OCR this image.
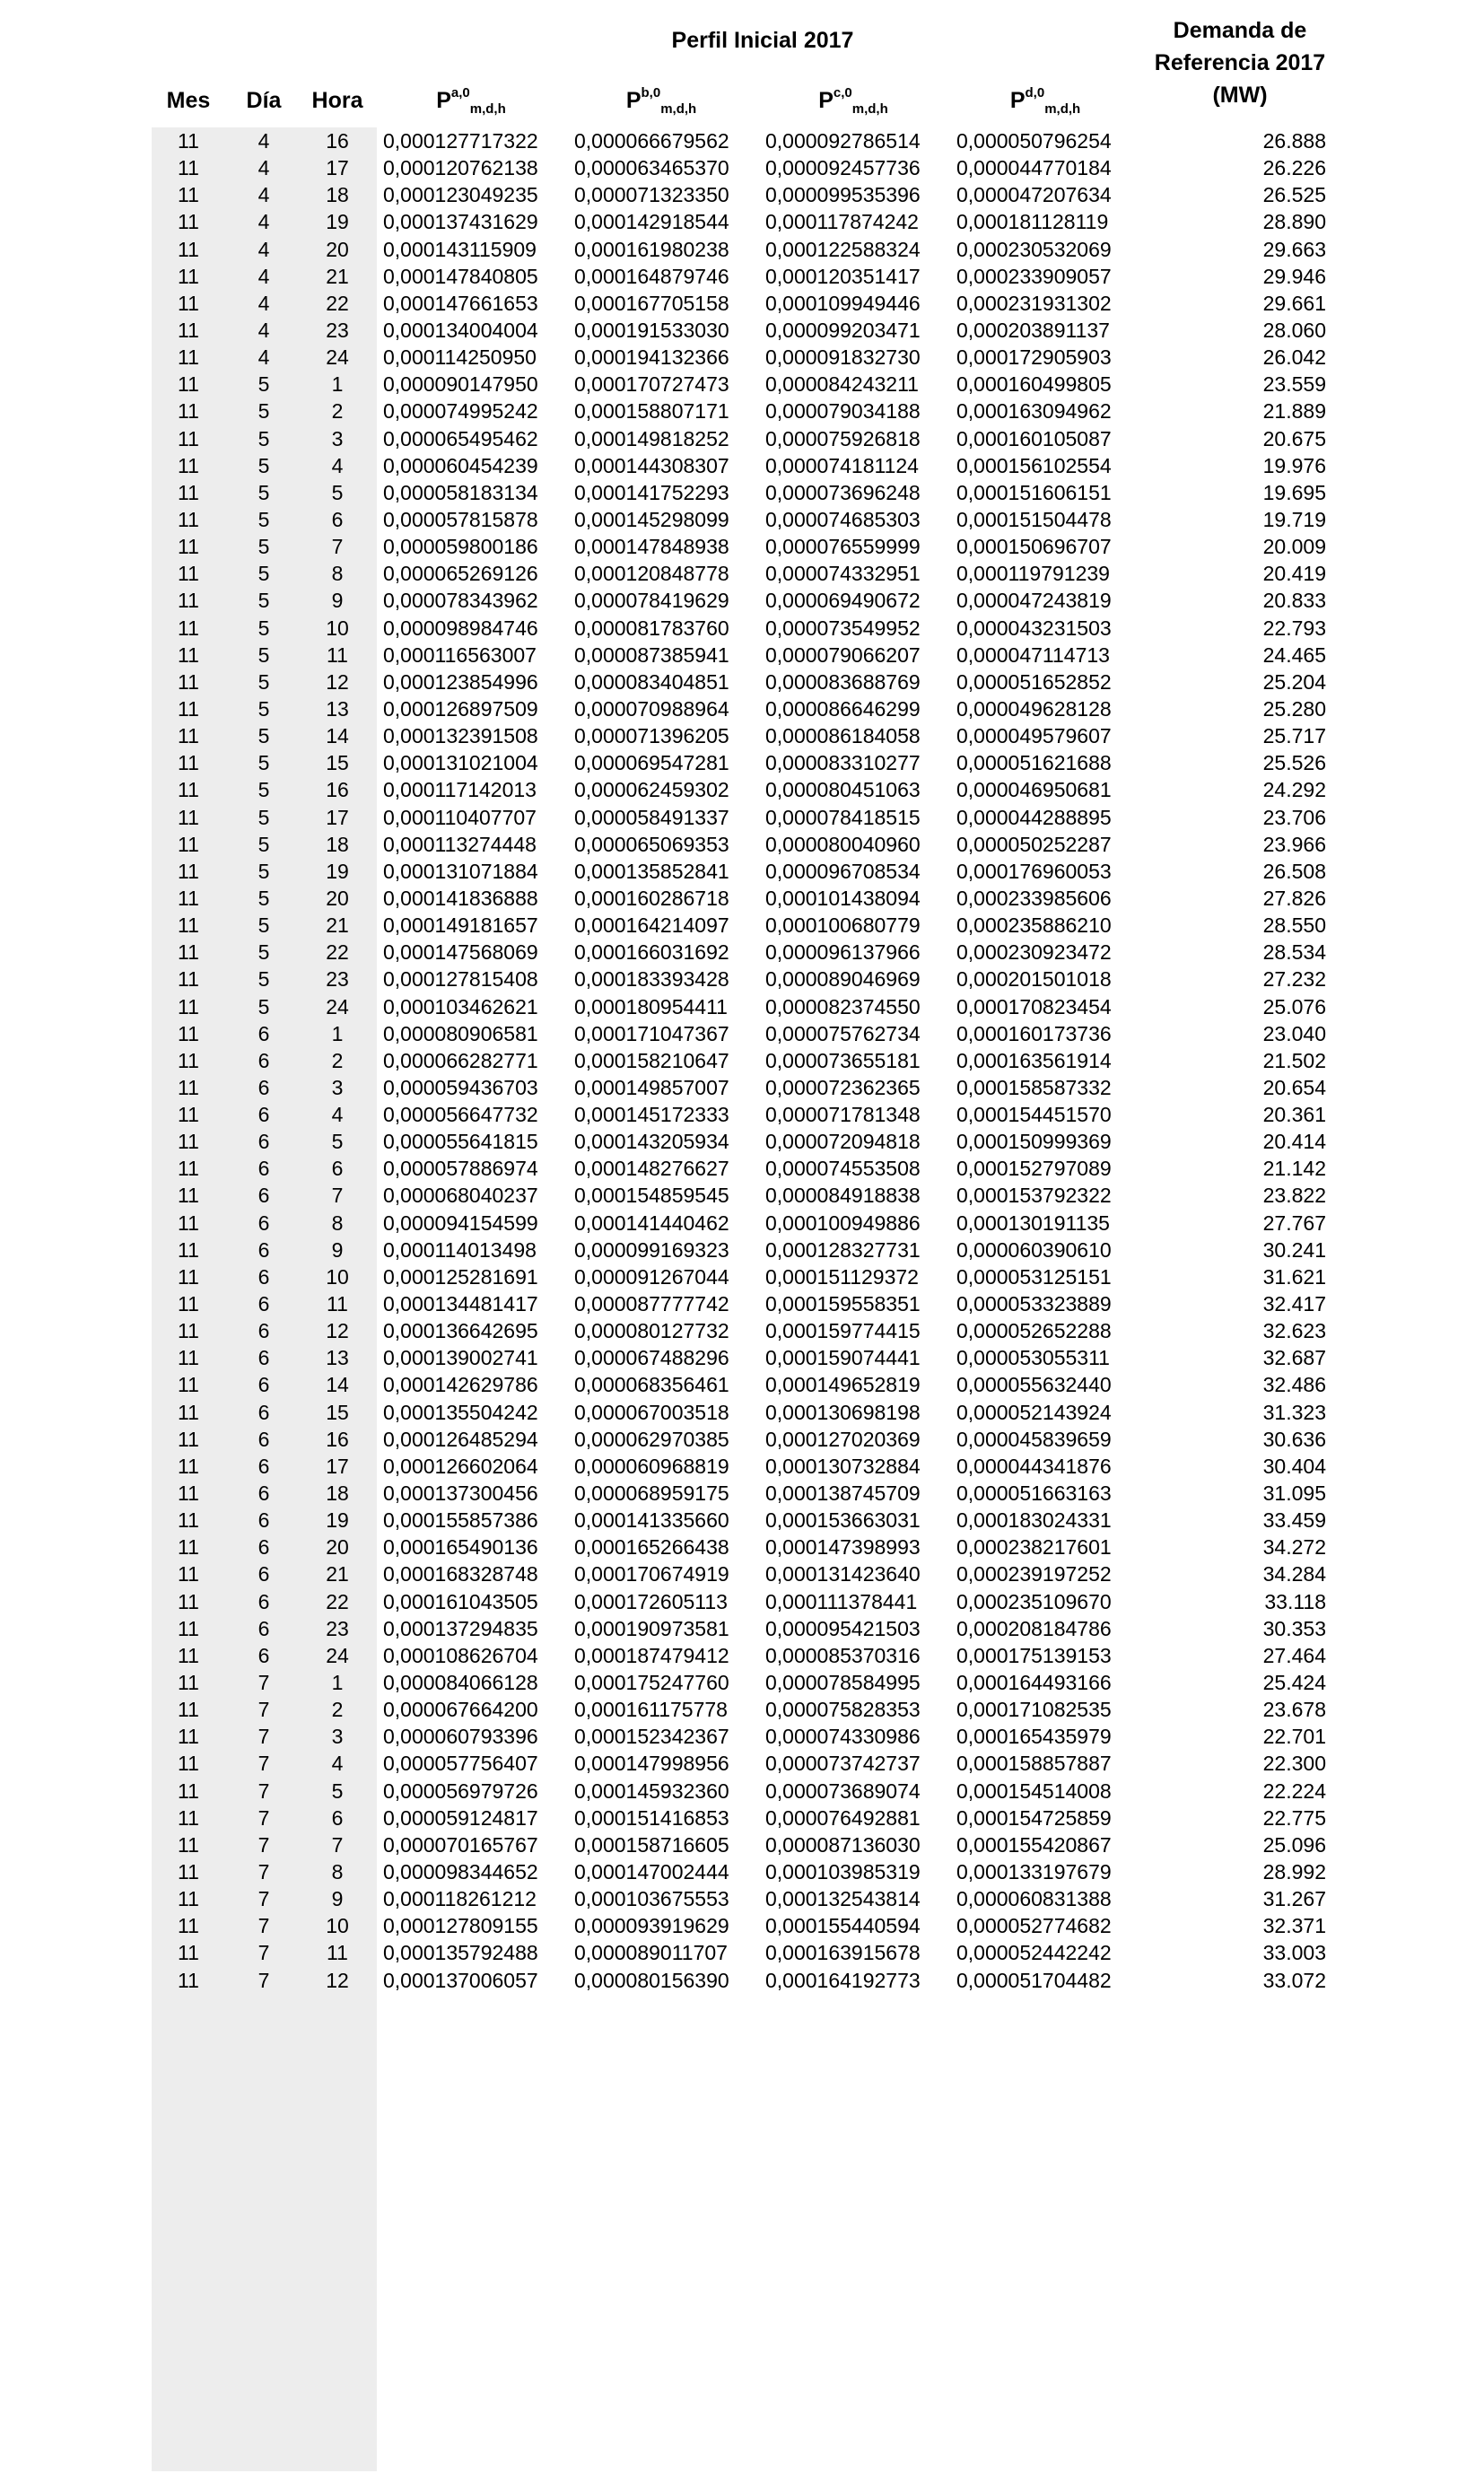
Perfil Inicial 2017	Demanda de
Referencia 2017
(MW)
Mes	Día	Hora	P$^{a,0}_{m,d,h}$	P$^{b,0}_{m,d,h}$	P$^{c,0}_{m,d,h}$	P$^{d,0}_{m,d,h}$
11	4	16	0,000127717322 0,000066679562 0,000092786514 0,000050796254	26.888
11	4	17	0,000120762138 0,000063465370 0,000092457736 0,000044770184	26.226
11	4	18	0,000123049235 0,000071323350 0,000099535396 0,000047207634	26.525
11	4	19	0,000137431629 0,000142918544 0,000117874242 0,000181128119	28.890
11	4	20	0,000143115909 0,000161980238 0,000122588324 0,000230532069	29.663
11	4	21	0,000147840805 0,000164879746 0,000120351417 0,000233909057	29.946
11	4	22	0,000147661653 0,000167705158 0,000109949446 0,000231931302	29.661
11	4	23	0,000134004004 0,000191533030 0,000099203471 0,000203891137	28.060
11	4	24	0,000114250950 0,000194132366 0,000091832730 0,000172905903	26.042
11	5	1	0,000090147950 0,000170727473 0,000084243211 0,000160499805	23.559
11	5	2	0,000074995242 0,000158807171 0,000079034188 0,000163094962	21.889
11	5	3	0,000065495462 0,000149818252 0,000075926818 0,000160105087	20.675
11	5	4	0,000060454239 0,000144308307 0,000074181124 0,000156102554	19.976
11	5	5	0,000058183134 0,000141752293 0,000073696248 0,000151606151	19.695
11	5	6	0,000057815878 0,000145298099 0,000074685303 0,000151504478	19.719
11	5	7	0,000059800186 0,000147848938 0,000076559999 0,000150696707	20.009
11	5	8	0,000065269126 0,000120848778 0,000074332951 0,000119791239	20.419
11	5	9	0,000078343962 0,000078419629 0,000069490672 0,000047243819	20.833
11	5	10	0,000098984746 0,000081783760 0,000073549952 0,000043231503	22.793
11	5	11	0,000116563007 0,000087385941 0,000079066207 0,000047114713	24.465
11	5	12	0,000123854996 0,000083404851 0,000083688769 0,000051652852	25.204
11	5	13	0,000126897509 0,000070988964 0,000086646299 0,000049628128	25.280
11	5	14	0,000132391508 0,000071396205 0,000086184058 0,000049579607	25.717
11	5	15	0,000131021004 0,000069547281 0,000083310277 0,000051621688	25.526
11	5	16	0,000117142013 0,000062459302 0,000080451063 0,000046950681	24.292
11	5	17	0,000110407707 0,000058491337 0,000078418515 0,000044288895	23.706
11	5	18	0,000113274448 0,000065069353 0,000080040960 0,000050252287	23.966
11	5	19	0,000131071884 0,000135852841 0,000096708534 0,000176960053	26.508
11	5	20	0,000141836888 0,000160286718 0,000101438094 0,000233985606	27.826
11	5	21	0,000149181657 0,000164214097 0,000100680779 0,000235886210	28.550
11	5	22	0,000147568069 0,000166031692 0,000096137966 0,000230923472	28.534
11	5	23	0,000127815408 0,000183393428 0,000089046969 0,000201501018	27.232
11	5	24	0,000103462621 0,000180954411 0,000082374550 0,000170823454	25.076
11	6	1	0,000080906581 0,000171047367 0,000075762734 0,000160173736	23.040
11	6	2	0,000066282771 0,000158210647 0,000073655181 0,000163561914	21.502
11	6	3	0,000059436703 0,000149857007 0,000072362365 0,000158587332	20.654
11	6	4	0,000056647732 0,000145172333 0,000071781348 0,000154451570	20.361
11	6	5	0,000055641815 0,000143205934 0,000072094818 0,000150999369	20.414
11	6	6	0,000057886974 0,000148276627 0,000074553508 0,000152797089	21.142
11	6	7	0,000068040237 0,000154859545 0,000084918838 0,000153792322	23.822
11	6	8	0,000094154599 0,000141440462 0,000100949886 0,000130191135	27.767
11	6	9	0,000114013498 0,000099169323 0,000128327731 0,000060390610	30.241
11	6	10	0,000125281691 0,000091267044 0,000151129372 0,000053125151	31.621
11	6	11	0,000134481417 0,000087777742 0,000159558351 0,000053323889	32.417
11	6	12	0,000136642695 0,000080127732 0,000159774415 0,000052652288	32.623
11	6	13	0,000139002741 0,000067488296 0,000159074441 0,000053055311	32.687
11	6	14	0,000142629786 0,000068356461 0,000149652819 0,000055632440	32.486
11	6	15	0,000135504242 0,000067003518 0,000130698198 0,000052143924	31.323
11	6	16	0,000126485294 0,000062970385 0,000127020369 0,000045839659	30.636
11	6	17	0,000126602064 0,000060968819 0,000130732884 0,000044341876	30.404
11	6	18	0,000137300456 0,000068959175 0,000138745709 0,000051663163	31.095
11	6	19	0,000155857386 0,000141335660 0,000153663031 0,000183024331	33.459
11	6	20	0,000165490136 0,000165266438 0,000147398993 0,000238217601	34.272
11	6	21	0,000168328748 0,000170674919 0,000131423640 0,000239197252	34.284
11	6	22	0,000161043505 0,000172605113 0,000111378441 0,000235109670	33.118
11	6	23	0,000137294835 0,000190973581 0,000095421503 0,000208184786	30.353
11	6	24	0,000108626704 0,000187479412 0,000085370316 0,000175139153	27.464
11	7	1	0,000084066128 0,000175247760 0,000078584995 0,000164493166	25.424
11	7	2	0,000067664200 0,000161175778 0,000075828353 0,000171082535	23.678
11	7	3	0,000060793396 0,000152342367 0,000074330986 0,000165435979	22.701
11	7	4	0,000057756407 0,000147998956 0,000073742737 0,000158857887	22.300
11	7	5	0,000056979726 0,000145932360 0,000073689074 0,000154514008	22.224
11	7	6	0,000059124817 0,000151416853 0,000076492881 0,000154725859	22.775
11	7	7	0,000070165767 0,000158716605 0,000087136030 0,000155420867	25.096
11	7	8	0,000098344652 0,000147002444 0,000103985319 0,000133197679	28.992
11	7	9	0,000118261212 0,000103675553 0,000132543814 0,000060831388	31.267
11	7	10	0,000127809155 0,000093919629 0,000155440594 0,000052774682	32.371
11	7	11	0,000135792488 0,000089011707 0,000163915678 0,000052442242	33.003
11	7	12	0,000137006057 0,000080156390 0,000164192773 0,000051704482	33.072
